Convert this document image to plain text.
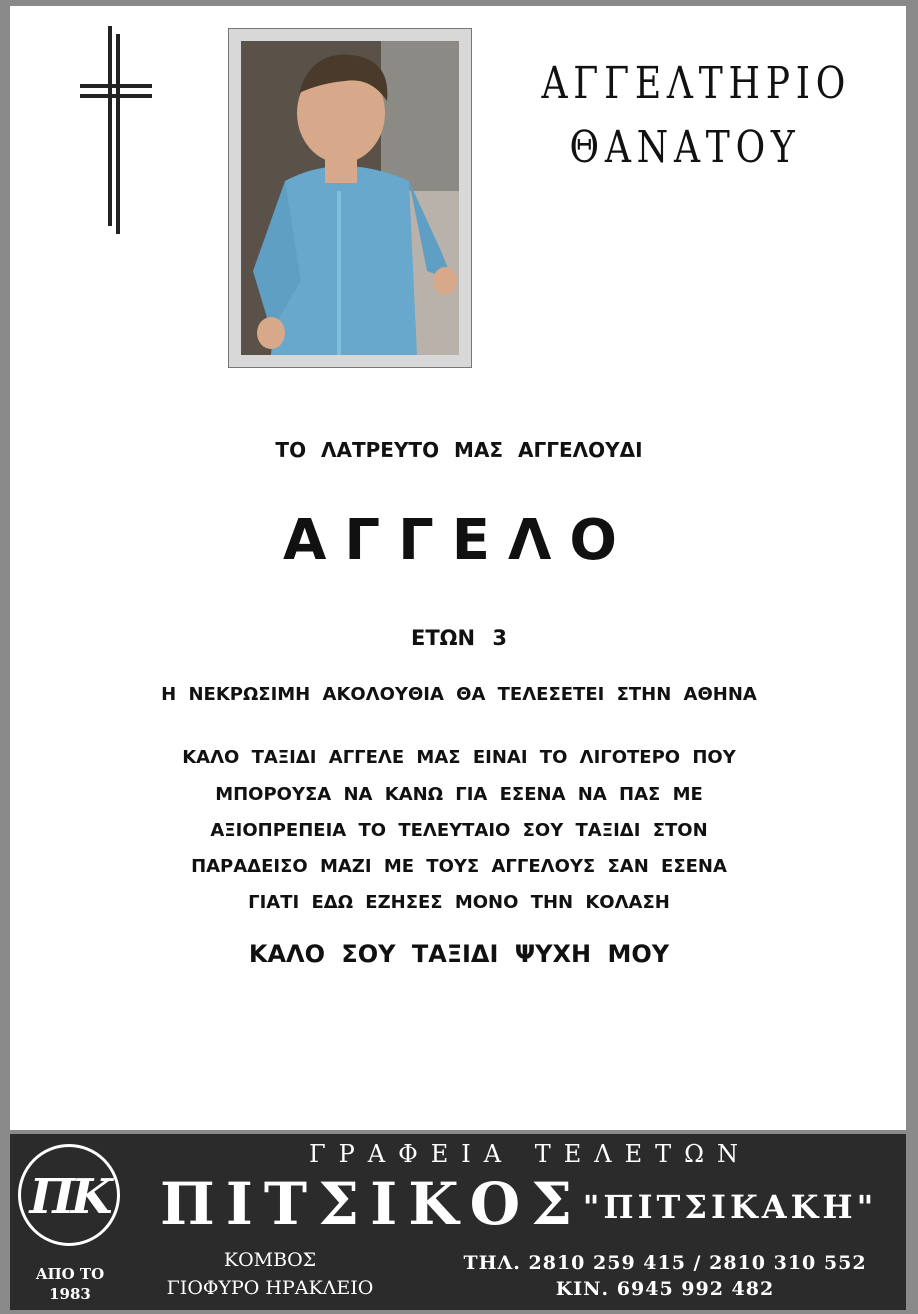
ΑΓΓΕΛΤΗΡΙΟ
ΘΑΝΑΤΟΥ
ΤΟ ΛΑΤΡΕΥΤΟ ΜΑΣ ΑΓΓΕΛΟΥΔΙ
ΑΓΓΕΛΟ
ΕΤΩΝ 3
Η ΝΕΚΡΩΣΙΜΗ ΑΚΟΛΟΥΘΙΑ ΘΑ ΤΕΛΕΣΕΤΕΙ ΣΤΗΝ ΑΘΗΝΑ
ΚΑΛΟ ΤΑΞΙΔΙ ΑΓΓΕΛΕ ΜΑΣ ΕΙΝΑΙ ΤΟ ΛΙΓΟΤΕΡΟ ΠΟΥ
ΜΠΟΡΟΥΣΑ ΝΑ ΚΑΝΩ ΓΙΑ ΕΣΕΝΑ ΝΑ ΠΑΣ ΜΕ
ΑΞΙΟΠΡΕΠΕΙΑ ΤΟ ΤΕΛΕΥΤΑΙΟ ΣΟΥ ΤΑΞΙΔΙ ΣΤΟΝ
ΠΑΡΑΔΕΙΣΟ ΜΑΖΙ ΜΕ ΤΟΥΣ ΑΓΓΕΛΟΥΣ ΣΑΝ ΕΣΕΝΑ
ΓΙΑΤΙ ΕΔΩ ΕΖΗΣΕΣ ΜΟΝΟ ΤΗΝ ΚΟΛΑΣΗ
ΚΑΛΟ ΣΟΥ ΤΑΞΙΔΙ ΨΥΧΗ ΜΟΥ
ΠΚ
ΑΠΟ ΤΟ
1983
ΓΡΑΦΕΙΑ ΤΕΛΕΤΩΝ
ΠΙΤΣΙΚΟΣ "ΠΙΤΣΙΚΑΚΗ"
ΚΟΜΒΟΣ
ΓΙΟΦΥΡΟ ΗΡΑΚΛΕΙΟ
ΤΗΛ. 2810 259 415 / 2810 310 552
ΚΙΝ. 6945 992 482
